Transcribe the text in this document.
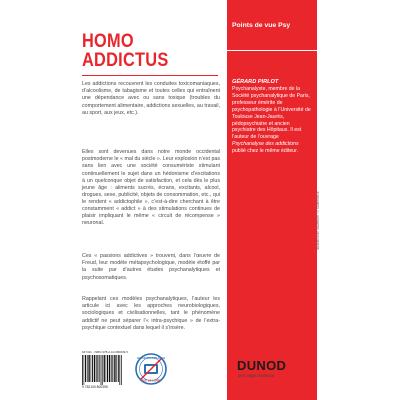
HOMO
ADDICTUS

Les addictions recouvrent les conduites toxicomaniaques, d’alcoolisme, de tabagisme et toutes celles qui entraînent une dépendance avec ou sans toxique (troubles du comportement alimentaire, addictions sexuelles, au travail, au sport, aux jeux, etc.).

Elles sont devenues dans notre monde occidental postmoderne le « mal du siècle ». Leur explosion n’est pas sans lien avec une société consumériste stimulant continuellement le sujet dans un hédonisme d’excitations à un quelconque objet de satisfaction, et cela dès le plus jeune âge : aliments sucrés, écrans, excitants, alcool, drogues, sexe, publicité, objets de consommation, etc., qui le rendent « addictophile », c’est-à-dire cherchant à être constamment « addict » à des stimulations continues de plaisir impliquant le même « circuit de récompense » neuronal.

Ces « passions addictives » trouvent, dans l’œuvre de Freud, leur modèle métapsychologique, modèle étoffé par la suite par d’autres études psychanalytiques et psychosomatiques.

Rappelant ces modèles psychanalytiques, l’auteur les articule ici avec les approches neurobiologiques, sociologiques et civilisationnelles, tant le phénomène addictif ne peut séparer l’« intra-psychique » de l’extra-psychique contextuel dans lequel il s’insère.

Points de vue Psy
GÉRARD PIRLOT
Psychanalyste, membre de la Société psychanalytique de Paris, professeur émérite de psychopathologie à l’Université de Toulouse Jean-Jaurès, pédopsychiatre et ancien psychiatre des Hôpitaux. Il est l’auteur de l’ouvrage Psychanalyse des addictions publié chez le même éditeur.
647411 · ISBN 978-2-10-080039-5
9 782100 800395
LE PHOTOCOPILLAGE
TUE LE LIVRE
DUNOD
une page d’avance
Illustration de couverture : © Shutterstock
